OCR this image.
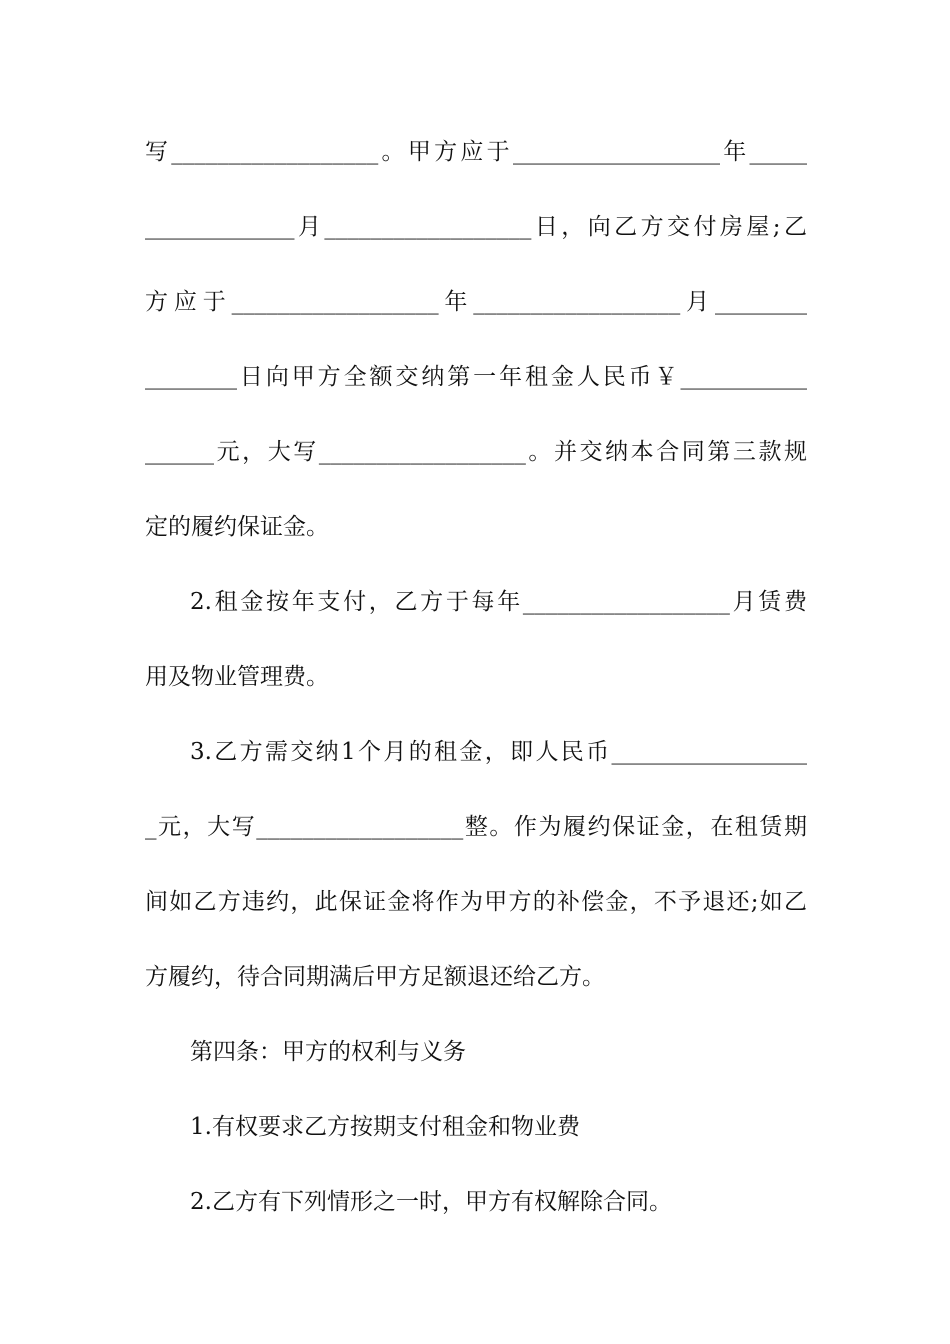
写__________________。甲方应于__________________年_____
_____________月__________________日，向乙方交付房屋;乙
方应于__________________年__________________月________
________日向甲方全额交纳第一年租金人民币￥___________
______元，大写__________________。并交纳本合同第三款规
定的履约保证金。
2.租金按年支付，乙方于每年__________________月赁费
用及物业管理费。
3.乙方需交纳1个月的租金，即人民币_________________
_元，大写__________________整。作为履约保证金，在租赁期
间如乙方违约，此保证金将作为甲方的补偿金，不予退还;如乙
方履约，待合同期满后甲方足额退还给乙方。
第四条：甲方的权利与义务
1.有权要求乙方按期支付租金和物业费
2.乙方有下列情形之一时，甲方有权解除合同。
